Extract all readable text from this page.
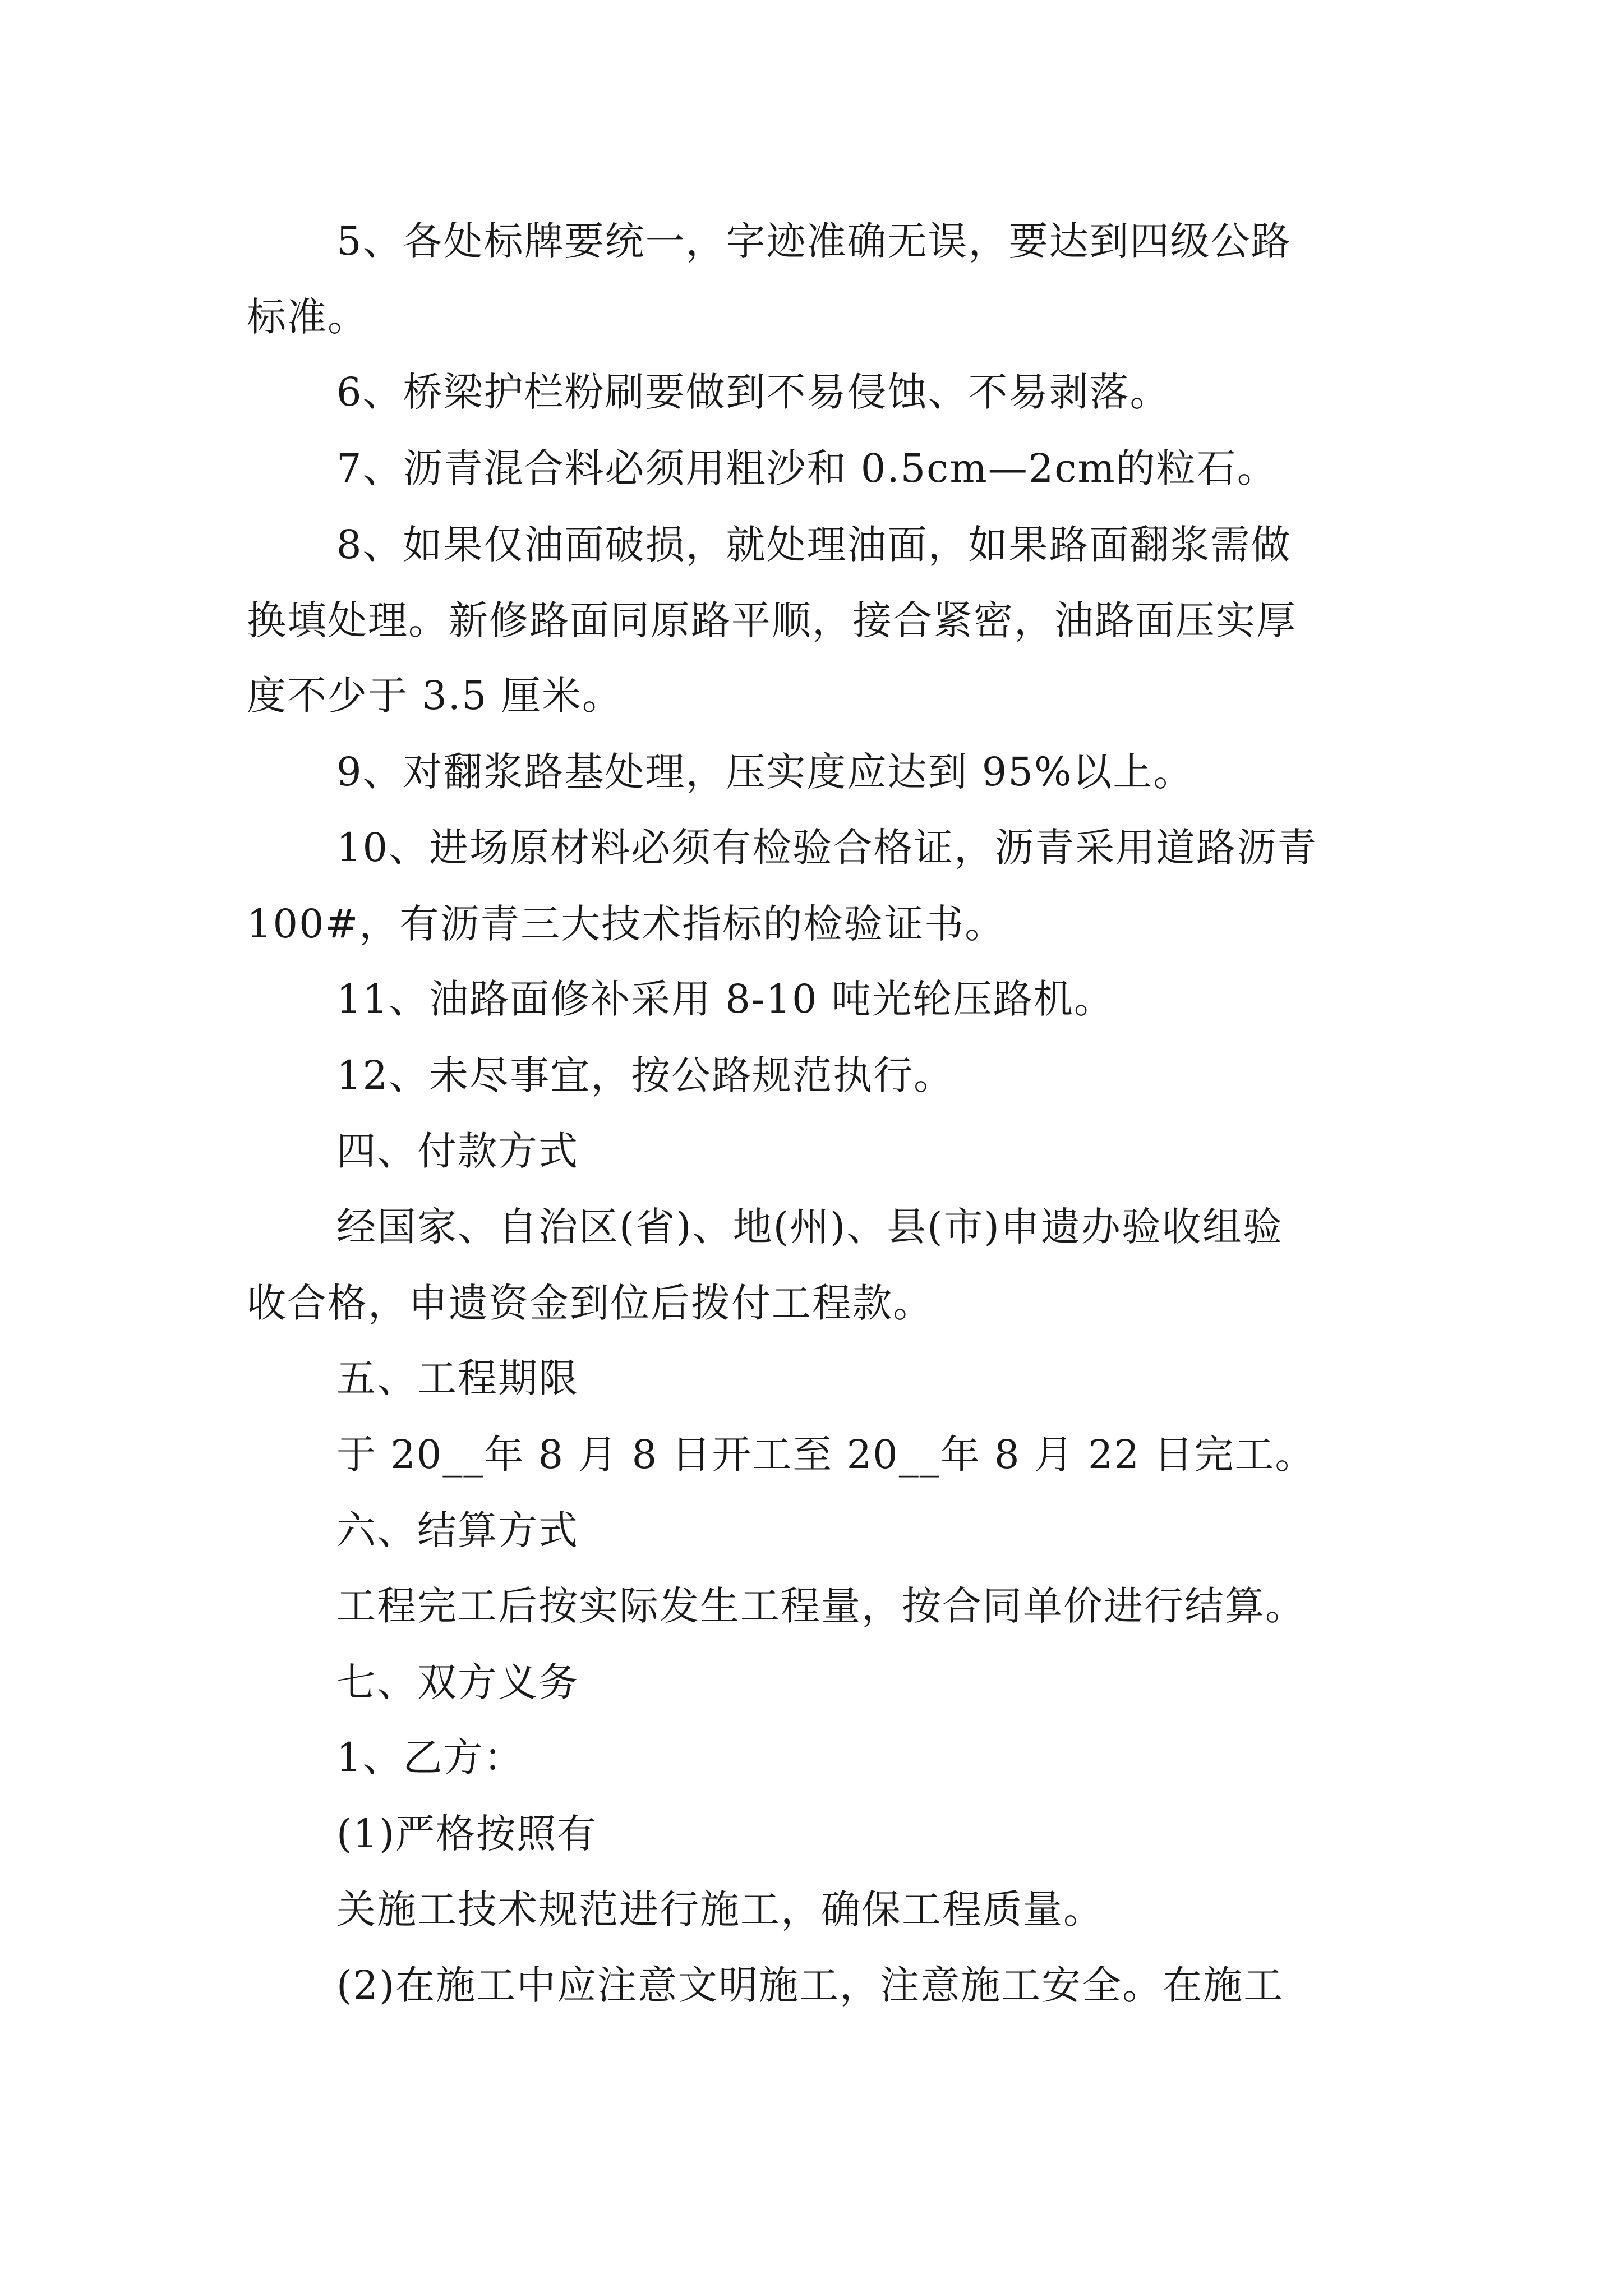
5、各处标牌要统一，字迹准确无误，要达到四级公路
标准。
6、桥梁护栏粉刷要做到不易侵蚀、不易剥落。
7、沥青混合料必须用粗沙和 0.5cm—2cm的粒石。
8、如果仅油面破损，就处理油面，如果路面翻浆需做
换填处理。新修路面同原路平顺，接合紧密，油路面压实厚
度不少于 3.5 厘米。
9、对翻浆路基处理，压实度应达到 95%以上。
10、进场原材料必须有检验合格证，沥青采用道路沥青
100#，有沥青三大技术指标的检验证书。
11、油路面修补采用 8-10 吨光轮压路机。
12、未尽事宜，按公路规范执行。
四、付款方式
经国家、自治区(省)、地(州)、县(市)申遗办验收组验
收合格，申遗资金到位后拨付工程款。
五、工程期限
于 20__年 8 月 8 日开工至 20__年 8 月 22 日完工。
六、结算方式
工程完工后按实际发生工程量，按合同单价进行结算。
七、双方义务
1、乙方：
(1)严格按照有
关施工技术规范进行施工，确保工程质量。
(2)在施工中应注意文明施工，注意施工安全。在施工
